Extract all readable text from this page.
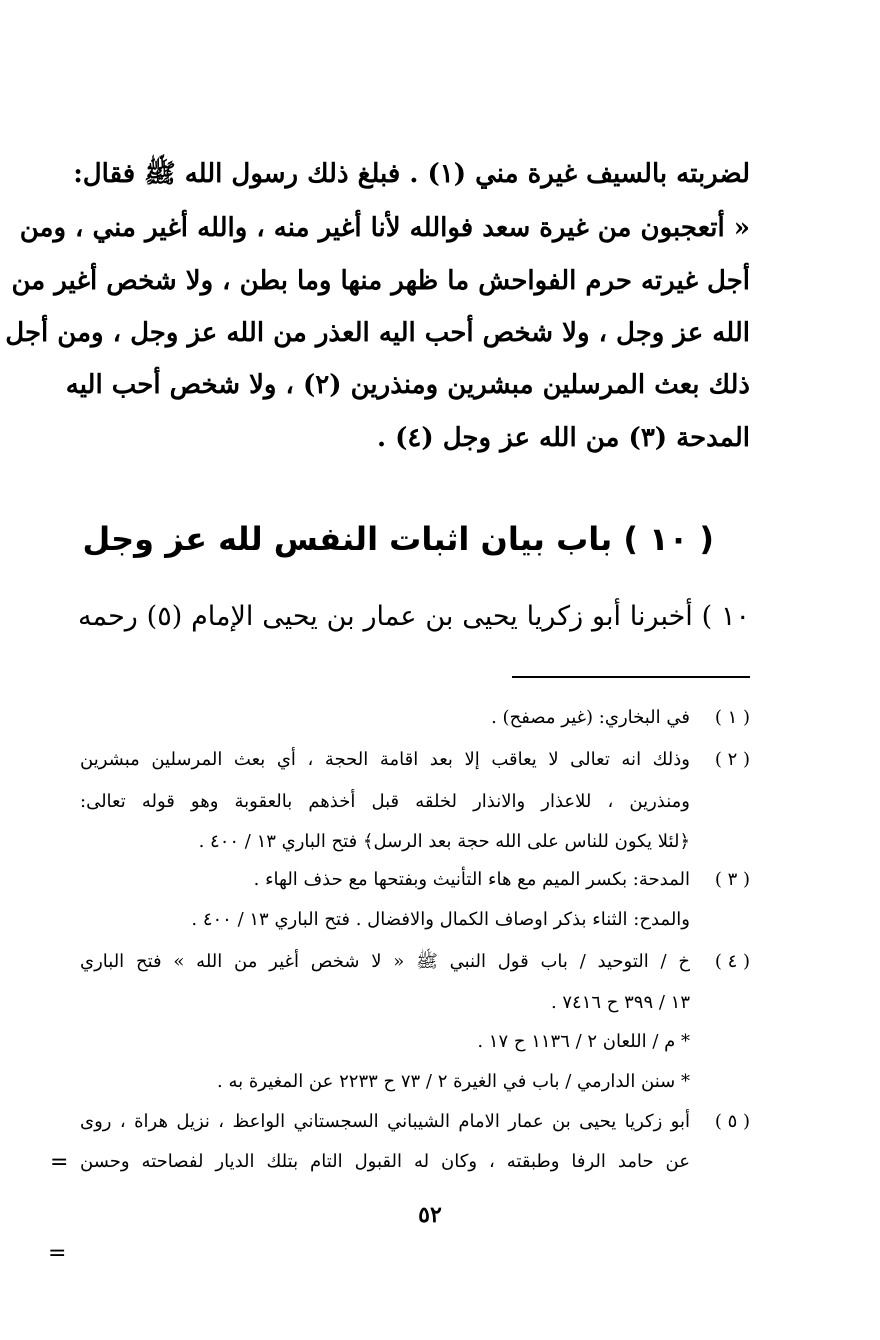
لضربته بالسيف غيرة مني (١) . فبلغ ذلك رسول الله ﷺ فقال:
« أتعجبون من غيرة سعد فوالله لأنا أغير منه ، والله أغير مني ، ومن
أجل غيرته حرم الفواحش ما ظهر منها وما بطن ، ولا شخص أغير من
الله عز وجل ، ولا شخص أحب اليه العذر من الله عز وجل ، ومن أجل
ذلك بعث المرسلين مبشرين ومنذرين (٢) ، ولا شخص أحب اليه
المدحة (٣) من الله عز وجل (٤) .
( ١٠ ) باب بيان اثبات النفس لله عز وجل
١٠ ) أخبرنا أبو زكريا يحيى بن عمار بن يحيى الإمام (٥) رحمه
( ١ )
في البخاري: (غير مصفح) .
( ٢ )
وذلك انه تعالى لا يعاقب إلا بعد اقامة الحجة ، أي بعث المرسلين مبشرين
ومنذرين ، للاعذار والانذار لخلقه قبل أخذهم بالعقوبة وهو قوله تعالى:
﴿لئلا يكون للناس على الله حجة بعد الرسل﴾ فتح الباري ١٣ / ٤٠٠ .
( ٣ )
المدحة: بكسر الميم مع هاء التأنيث وبفتحها مع حذف الهاء .
والمدح: الثناء بذكر اوصاف الكمال والافضال . فتح الباري ١٣ / ٤٠٠ .
( ٤ )
خ / التوحيد / باب قول النبي ﷺ « لا شخص أغير من الله » فتح الباري
١٣ / ٣٩٩ ح ٧٤١٦ .
* م / اللعان ٢ / ١١٣٦ ح ١٧ .
* سنن الدارمي / باب في الغيرة ٢ / ٧٣ ح ٢٢٣٣ عن المغيرة به .
( ٥ )
أبو زكريا يحيى بن عمار الامام الشيباني السجستاني الواعظ ، نزيل هراة ، روى
عن حامد الرفا وطبقته ، وكان له القبول التام بتلك الديار لفصاحته وحسن
=
=
٥٢
